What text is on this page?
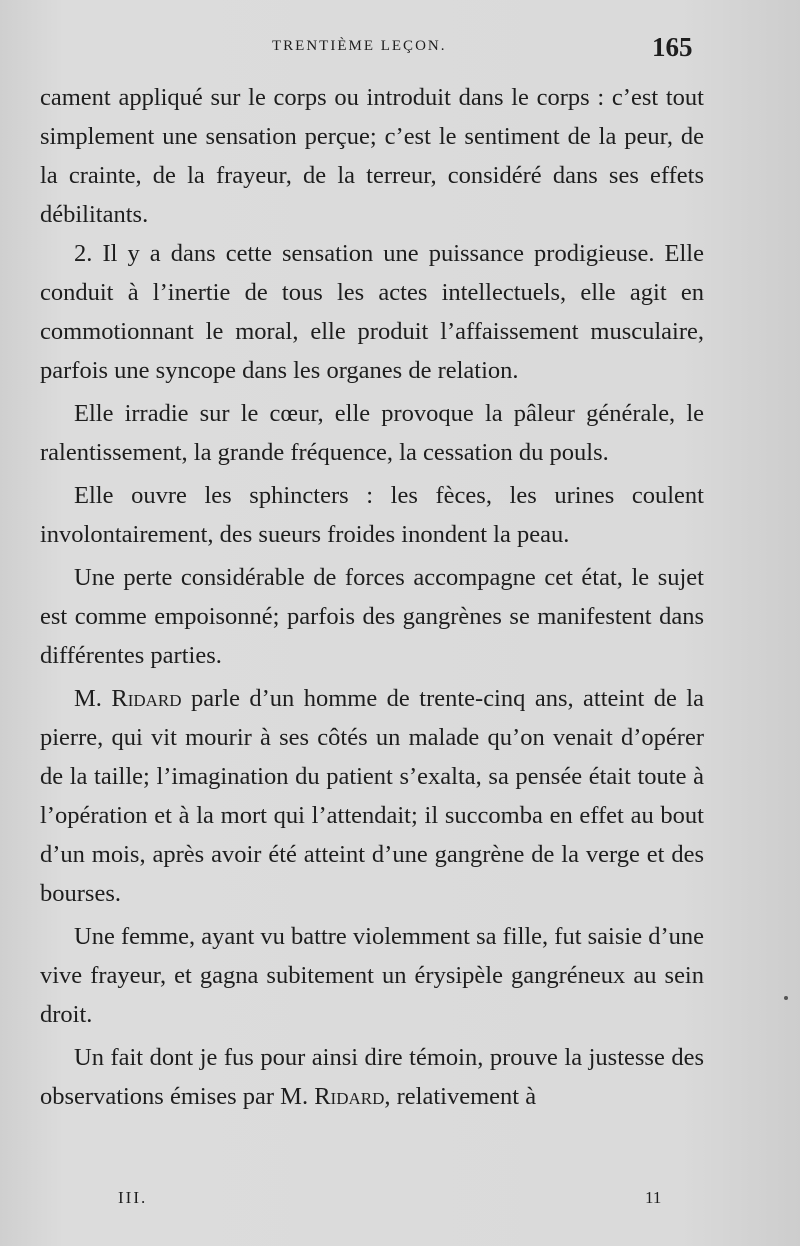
TRENTIÈME LEÇON.	165

cament appliqué sur le corps ou introduit dans le corps : c’est tout simplement une sensation perçue; c’est le sentiment de la peur, de la crainte, de la frayeur, de la terreur, considéré dans ses effets débilitants.

2. Il y a dans cette sensation une puissance prodigieuse. Elle conduit à l’inertie de tous les actes intellectuels, elle agit en commotionnant le moral, elle produit l’affaissement musculaire, parfois une syncope dans les organes de relation.

Elle irradie sur le cœur, elle provoque la pâleur générale, le ralentissement, la grande fréquence, la cessation du pouls.

Elle ouvre les sphincters : les fèces, les urines coulent involontairement, des sueurs froides inondent la peau.

Une perte considérable de forces accompagne cet état, le sujet est comme empoisonné; parfois des gangrènes se manifestent dans différentes parties.

M. Ridard parle d’un homme de trente-cinq ans, atteint de la pierre, qui vit mourir à ses côtés un malade qu’on venait d’opérer de la taille; l’imagination du patient s’exalta, sa pensée était toute à l’opération et à la mort qui l’attendait; il succomba en effet au bout d’un mois, après avoir été atteint d’une gangrène de la verge et des bourses.

Une femme, ayant vu battre violemment sa fille, fut saisie d’une vive frayeur, et gagna subitement un érysipèle gangréneux au sein droit.

Un fait dont je fus pour ainsi dire témoin, prouve la justesse des observations émises par M. Ridard, relativement à

III.	11
